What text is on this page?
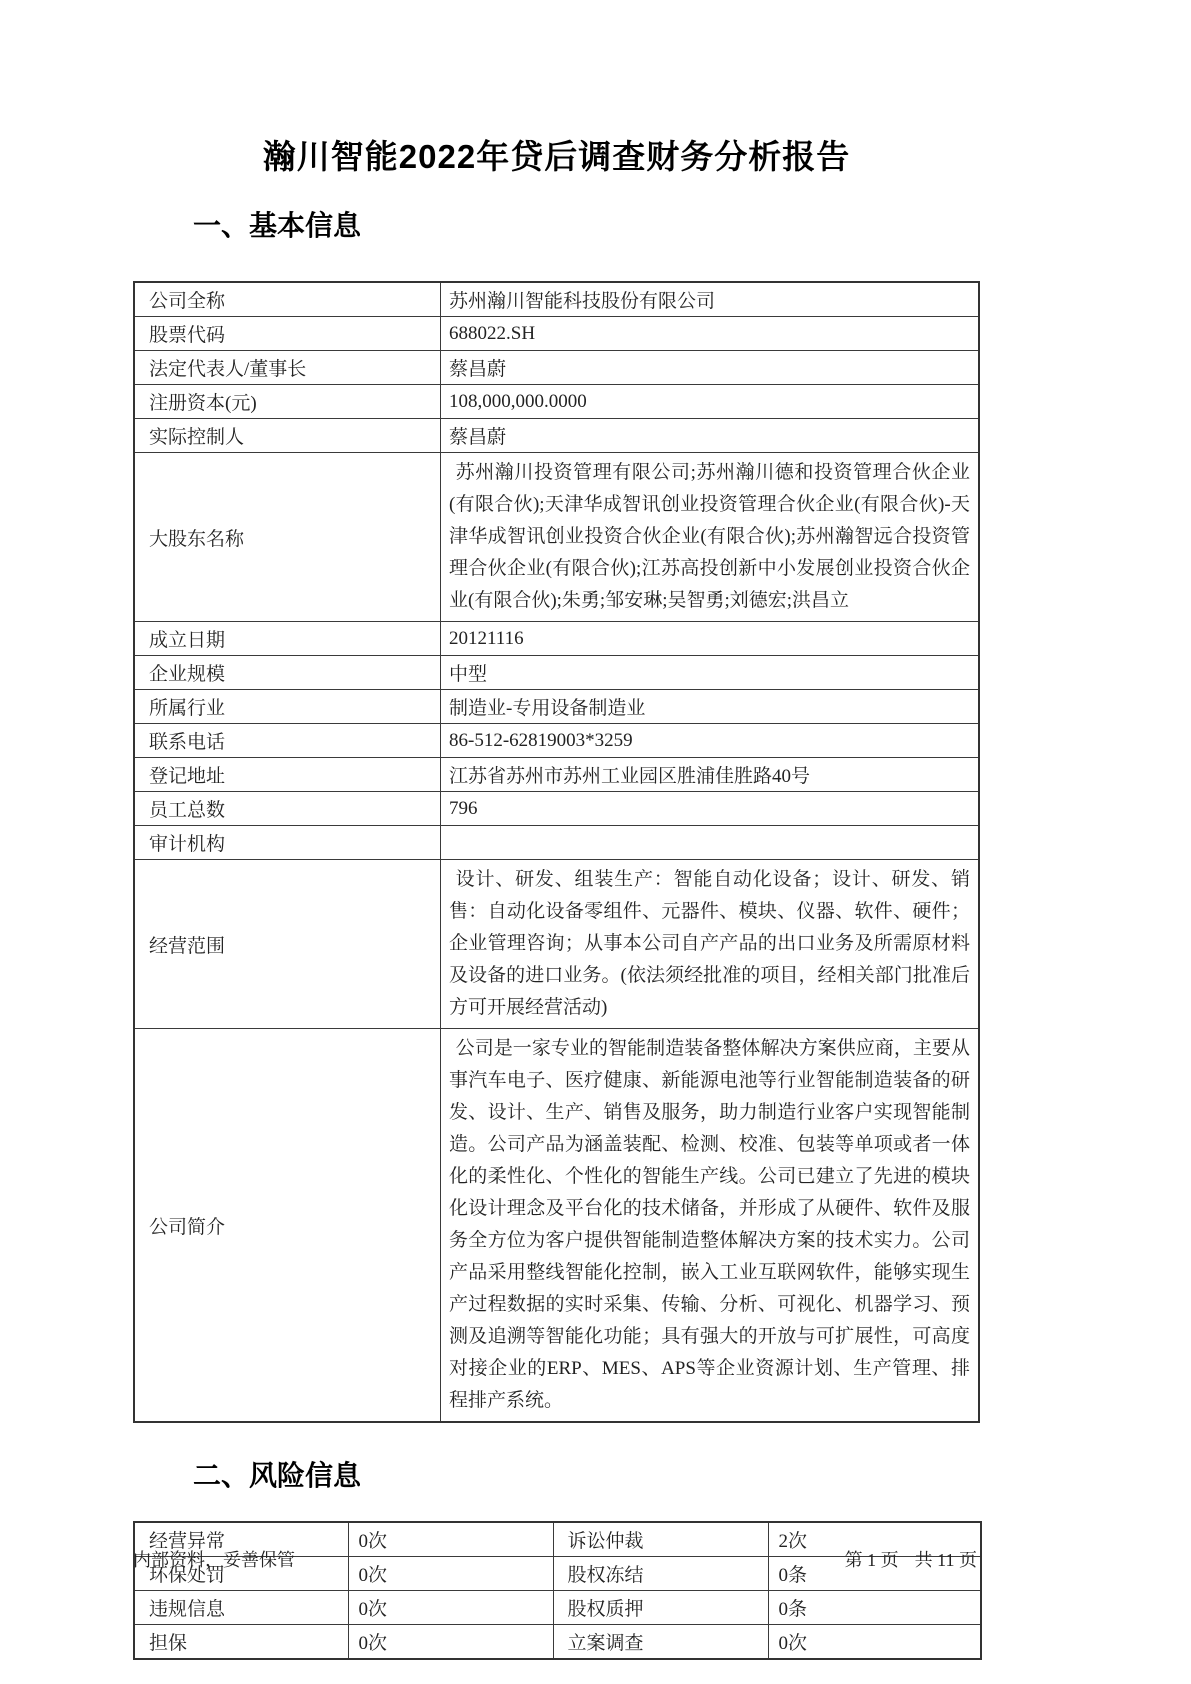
瀚川智能2022年贷后调查财务分析报告
一、基本信息
公司全称	苏州瀚川智能科技股份有限公司
股票代码	688022.SH
法定代表人/董事长	蔡昌蔚
注册资本(元)	108,000,000.0000
实际控制人	蔡昌蔚
大股东名称	苏州瀚川投资管理有限公司;苏州瀚川德和投资管理合伙企业(有限合伙);天津华成智讯创业投资管理合伙企业(有限合伙)-天津华成智讯创业投资合伙企业(有限合伙);苏州瀚智远合投资管理合伙企业(有限合伙);江苏高投创新中小发展创业投资合伙企业(有限合伙);朱勇;邹安琳;吴智勇;刘德宏;洪昌立
成立日期	20121116
企业规模	中型
所属行业	制造业-专用设备制造业
联系电话	86-512-62819003*3259
登记地址	江苏省苏州市苏州工业园区胜浦佳胜路40号
员工总数	796
审计机构	
经营范围	设计、研发、组装生产：智能自动化设备；设计、研发、销售：自动化设备零组件、元器件、模块、仪器、软件、硬件；企业管理咨询；从事本公司自产产品的出口业务及所需原材料及设备的进口业务。(依法须经批准的项目，经相关部门批准后方可开展经营活动)
公司简介	公司是一家专业的智能制造装备整体解决方案供应商，主要从事汽车电子、医疗健康、新能源电池等行业智能制造装备的研发、设计、生产、销售及服务，助力制造行业客户实现智能制造。公司产品为涵盖装配、检测、校准、包装等单项或者一体化的柔性化、个性化的智能生产线。公司已建立了先进的模块化设计理念及平台化的技术储备，并形成了从硬件、软件及服务全方位为客户提供智能制造整体解决方案的技术实力。公司产品采用整线智能化控制，嵌入工业互联网软件，能够实现生产过程数据的实时采集、传输、分析、可视化、机器学习、预测及追溯等智能化功能；具有强大的开放与可扩展性，可高度对接企业的ERP、MES、APS等企业资源计划、生产管理、排程排产系统。
二、风险信息
经营异常	0次	诉讼仲裁	2次
环保处罚	0次	股权冻结	0条
违规信息	0次	股权质押	0条
担保	0次	立案调查	0次
内部资料，妥善保管	第 1 页 共 11 页
